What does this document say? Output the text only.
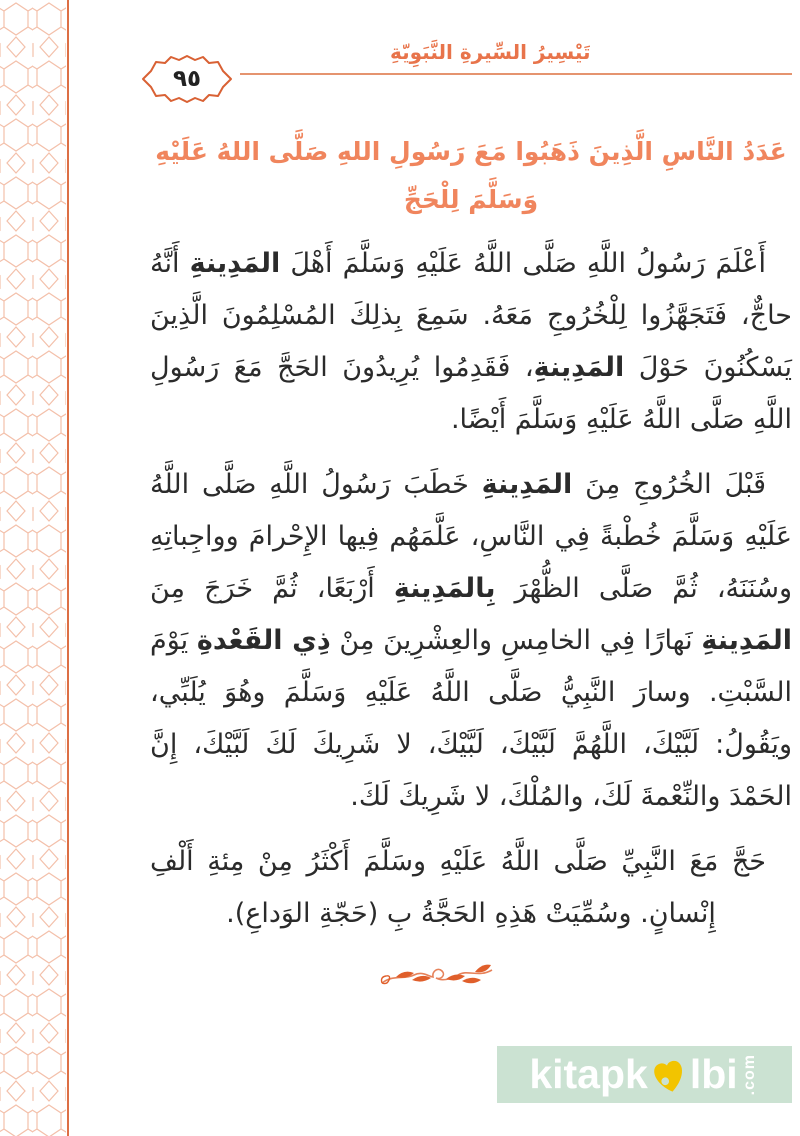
٩٥
تَيْسِيرُ السِّيرةِ النَّبَوِيّةِ
عَدَدُ النَّاسِ الَّذِينَ ذَهَبُوا مَعَ رَسُولِ اللهِ صَلَّى اللهُ عَلَيْهِ
وَسَلَّمَ لِلْحَجِّ

أَعْلَمَ رَسُولُ اللَّهِ صَلَّى اللَّهُ عَلَيْهِ وَسَلَّمَ أَهْلَ المَدِينةِ أَنَّهُ حاجٌّ، فَتَجَهَّزُوا لِلْخُرُوجِ مَعَهُ. سَمِعَ بِذلِكَ المُسْلِمُونَ الَّذِينَ يَسْكُنُونَ حَوْلَ المَدِينةِ، فَقَدِمُوا يُرِيدُونَ الحَجَّ مَعَ رَسُولِ اللَّهِ صَلَّى اللَّهُ عَلَيْهِ وَسَلَّمَ أَيْضًا.

قَبْلَ الخُرُوجِ مِنَ المَدِينةِ خَطَبَ رَسُولُ اللَّهِ صَلَّى اللَّهُ عَلَيْهِ وَسَلَّمَ خُطْبةً فِي النَّاسِ، عَلَّمَهُم فِيها الإِحْرامَ وواجِباتِهِ وسُنَنَهُ، ثُمَّ صَلَّى الظُّهْرَ بِالمَدِينةِ أَرْبَعًا، ثُمَّ خَرَجَ مِنَ المَدِينةِ نَهارًا فِي الخامِسِ والعِشْرِينَ مِنْ ذِي القَعْدةِ يَوْمَ السَّبْتِ. وسارَ النَّبِيُّ صَلَّى اللَّهُ عَلَيْهِ وَسَلَّمَ وهُوَ يُلَبِّي، ويَقُولُ: لَبَّيْكَ، اللَّهُمَّ لَبَّيْكَ، لَبَّيْكَ، لا شَرِيكَ لَكَ لَبَّيْكَ، إِنَّ الحَمْدَ والنِّعْمةَ لَكَ، والمُلْكَ، لا شَرِيكَ لَكَ.

حَجَّ مَعَ النَّبِيِّ صَلَّى اللَّهُ عَلَيْهِ وسَلَّمَ أَكْثَرُ مِنْ مِئةِ أَلْفِ إِنْسانٍ. وسُمِّيَتْ هَذِهِ الحَجَّةُ بِ (حَجّةِ الوَداعِ).

kitapk lbi .com
